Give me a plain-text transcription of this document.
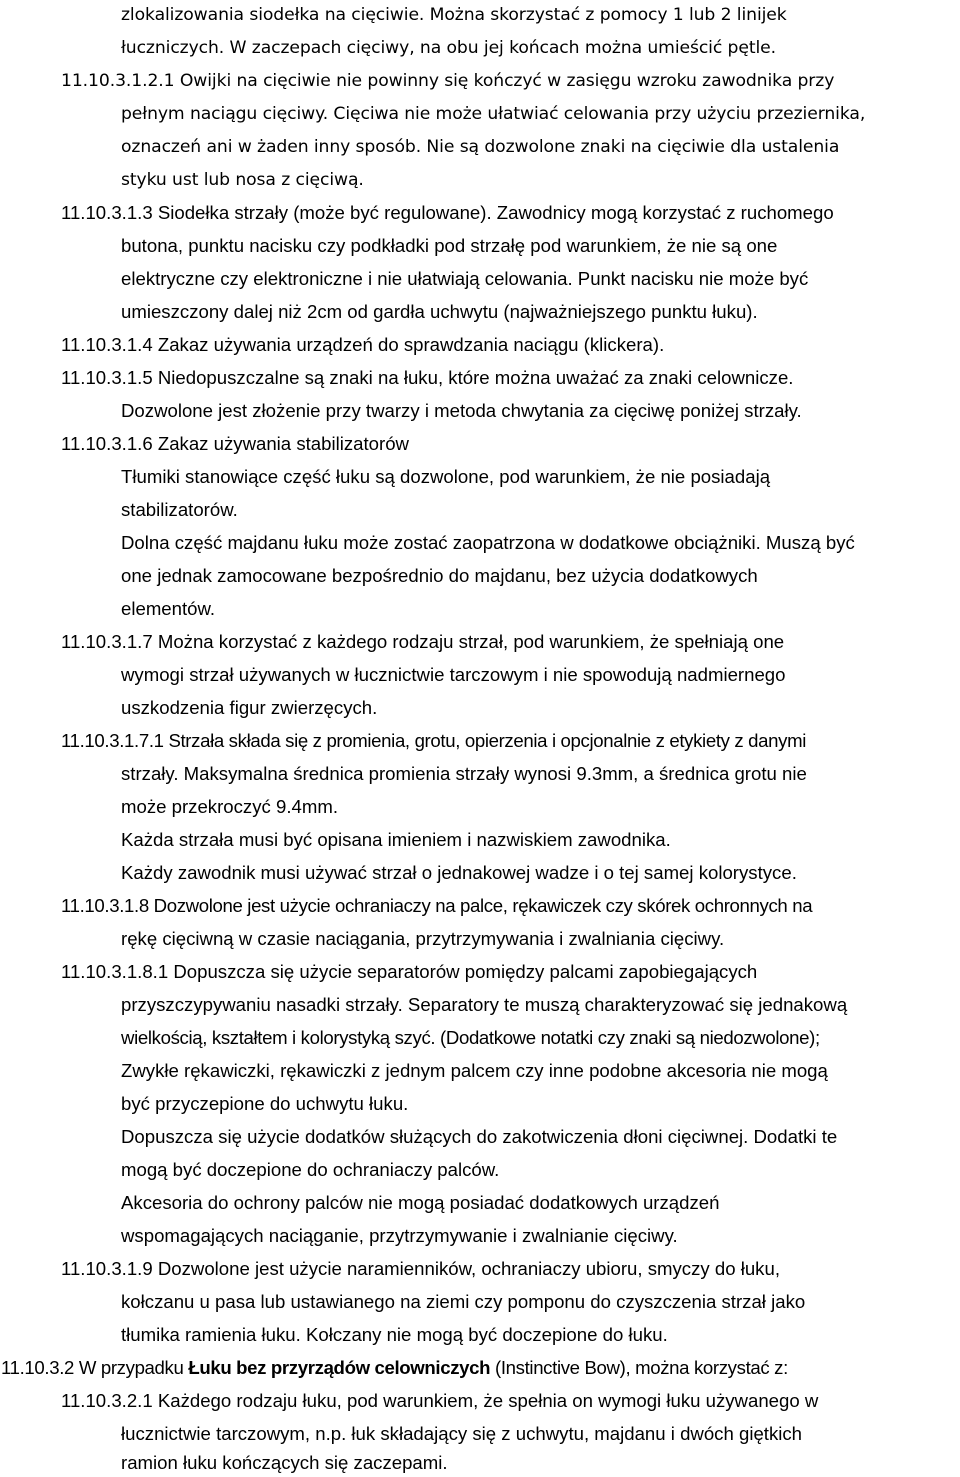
zlokalizowania siodełka na cięciwie. Można skorzystać z pomocy 1 lub 2 linijek
łuczniczych. W zaczepach cięciwy, na obu jej końcach można umieścić pętle.
11.10.3.1.2.1 Owijki na cięciwie nie powinny się kończyć w zasięgu wzroku zawodnika przy
pełnym naciągu cięciwy. Cięciwa nie może ułatwiać celowania przy użyciu przeziernika,
oznaczeń ani w żaden inny sposób. Nie są dozwolone znaki na cięciwie dla ustalenia
styku ust lub nosa z cięciwą.
11.10.3.1.3 Siodełka strzały (może być regulowane). Zawodnicy mogą korzystać z ruchomego
butona, punktu nacisku czy podkładki pod strzałę pod warunkiem, że nie są one
elektryczne czy elektroniczne i nie ułatwiają celowania. Punkt nacisku nie może być
umieszczony dalej niż 2cm od gardła uchwytu (najważniejszego punktu łuku).
11.10.3.1.4 Zakaz używania urządzeń do sprawdzania naciągu (klickera).
11.10.3.1.5 Niedopuszczalne są znaki na łuku, które można uważać za znaki celownicze.
Dozwolone jest złożenie przy twarzy i metoda chwytania za cięciwę poniżej strzały.
11.10.3.1.6 Zakaz używania stabilizatorów
Tłumiki stanowiące część łuku są dozwolone, pod warunkiem, że nie posiadają
stabilizatorów.
Dolna część majdanu łuku może zostać zaopatrzona w dodatkowe obciążniki. Muszą być
one jednak zamocowane bezpośrednio do majdanu, bez użycia dodatkowych
elementów.
11.10.3.1.7 Można korzystać z każdego rodzaju strzał, pod warunkiem, że spełniają one
wymogi strzał używanych w łucznictwie tarczowym i nie spowodują nadmiernego
uszkodzenia figur zwierzęcych.
11.10.3.1.7.1 Strzała składa się z promienia, grotu, opierzenia i opcjonalnie z etykiety z danymi
strzały. Maksymalna średnica promienia strzały wynosi 9.3mm, a średnica grotu nie
może przekroczyć 9.4mm.
Każda strzała musi być opisana imieniem i nazwiskiem zawodnika.
Każdy zawodnik musi używać strzał o jednakowej wadze i o tej samej kolorystyce.
11.10.3.1.8 Dozwolone jest użycie ochraniaczy na palce, rękawiczek czy skórek ochronnych na
rękę cięciwną w czasie naciągania, przytrzymywania i zwalniania cięciwy.
11.10.3.1.8.1 Dopuszcza się użycie separatorów pomiędzy palcami zapobiegających
przyszczypywaniu nasadki strzały. Separatory te muszą charakteryzować się jednakową
wielkością, kształtem i kolorystyką szyć. (Dodatkowe notatki czy znaki są niedozwolone);
Zwykłe rękawiczki, rękawiczki z jednym palcem czy inne podobne akcesoria nie mogą
być przyczepione do uchwytu łuku.
Dopuszcza się użycie dodatków służących do zakotwiczenia dłoni cięciwnej. Dodatki te
mogą być doczepione do ochraniaczy palców.
Akcesoria do ochrony palców nie mogą posiadać dodatkowych urządzeń
wspomagających naciąganie, przytrzymywanie i zwalnianie cięciwy.
11.10.3.1.9 Dozwolone jest użycie naramienników, ochraniaczy ubioru, smyczy do łuku,
kołczanu u pasa lub ustawianego na ziemi czy pomponu do czyszczenia strzał jako
tłumika ramienia łuku. Kołczany nie mogą być doczepione do łuku.
11.10.3.2 W przypadku Łuku bez przyrządów celowniczych (Instinctive Bow), można korzystać z:
11.10.3.2.1 Każdego rodzaju łuku, pod warunkiem, że spełnia on wymogi łuku używanego w
łucznictwie tarczowym, n.p. łuk składający się z uchwytu, majdanu i dwóch giętkich
ramion łuku kończących się zaczepami.
